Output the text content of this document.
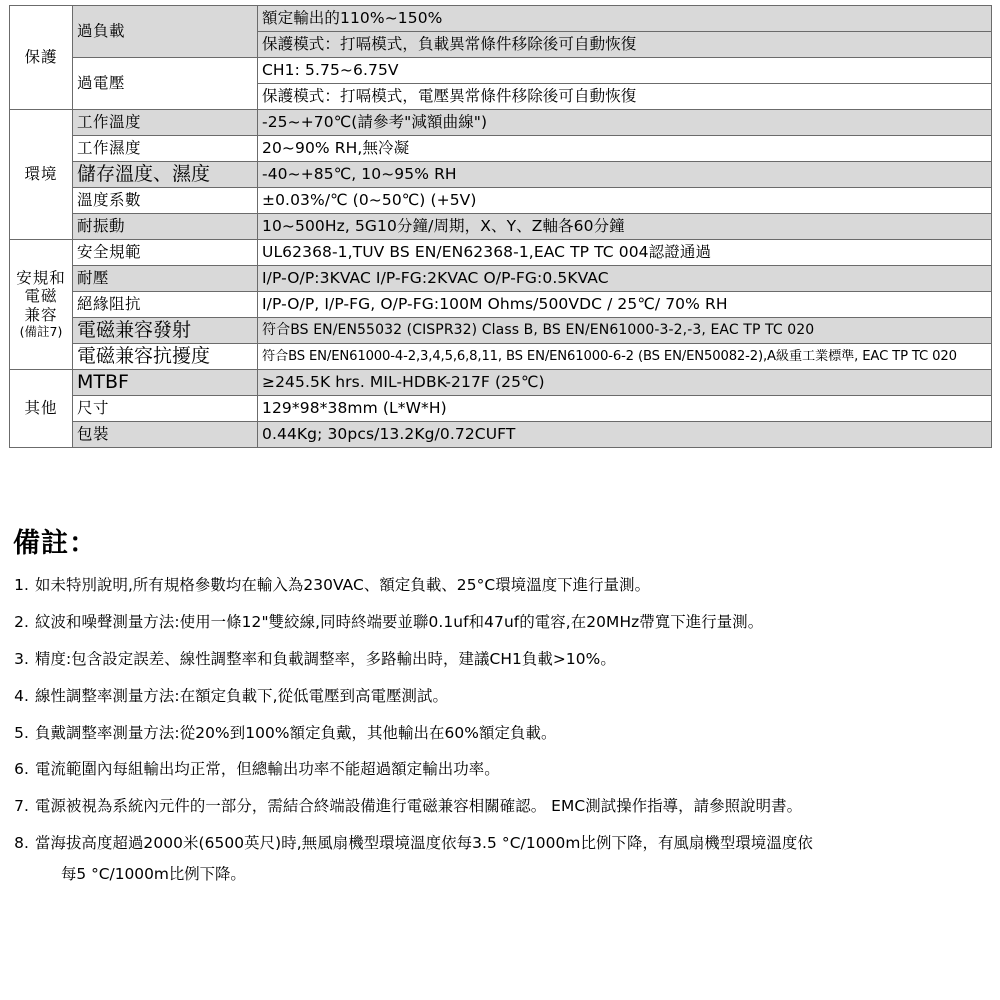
保護	過負載	額定輸出的110%~150%
		保護模式：打嗝模式，負載異常條件移除後可自動恢復
	過電壓	CH1: 5.75~6.75V
		保護模式：打嗝模式，電壓異常條件移除後可自動恢復

環境	工作溫度	-25~+70℃(請參考"減額曲線")
	工作濕度	20~90% RH,無冷凝
	儲存溫度、濕度	-40~+85℃, 10~95% RH
	溫度系數	±0.03%/℃ (0~50℃) (+5V)
	耐振動	10~500Hz, 5G10分鐘/周期，X、Y、Z軸各60分鐘

安規和
電磁
兼容
(備註7)	安全規範	UL62368-1,TUV BS EN/EN62368-1,EAC TP TC 004認證通過
	耐壓	I/P-O/P:3KVAC I/P-FG:2KVAC O/P-FG:0.5KVAC
	絕緣阻抗	I/P-O/P, I/P-FG, O/P-FG:100M Ohms/500VDC / 25℃/ 70% RH
	電磁兼容發射	符合BS EN/EN55032 (CISPR32) Class B, BS EN/EN61000-3-2,-3, EAC TP TC 020
	電磁兼容抗擾度	符合BS EN/EN61000-4-2,3,4,5,6,8,11, BS EN/EN61000-6-2 (BS EN/EN50082-2),A級重工業標準, EAC TP TC 020

其他	MTBF	≥245.5K hrs. MIL-HDBK-217F (25℃)
	尺寸	129*98*38mm (L*W*H)
	包裝	0.44Kg; 30pcs/13.2Kg/0.72CUFT
備註：
1. 如未特別說明,所有規格參數均在輸入為230VAC、額定負載、25°C環境溫度下進行量測。
2. 紋波和噪聲測量方法:使用一條12"雙絞線,同時終端要並聯0.1uf和47uf的電容,在20MHz帶寬下進行量測。
3. 精度:包含設定誤差、線性調整率和負載調整率，多路輸出時，建議CH1負載>10%。
4. 線性調整率測量方法:在額定負載下,從低電壓到高電壓測試。
5. 負戴調整率測量方法:從20%到100%額定負戴，其他輸出在60%額定負載。
6. 電流範圍內每組輸出均正常，但總輸出功率不能超過額定輸出功率。
7. 電源被視為系統內元件的一部分，需結合終端設備進行電磁兼容相關確認。 EMC測試操作指導，請參照說明書。
8. 當海拔高度超過2000米(6500英尺)時,無風扇機型環境溫度依每3.5 °C/1000m比例下降，有風扇機型環境溫度依
每5 °C/1000m比例下降。
